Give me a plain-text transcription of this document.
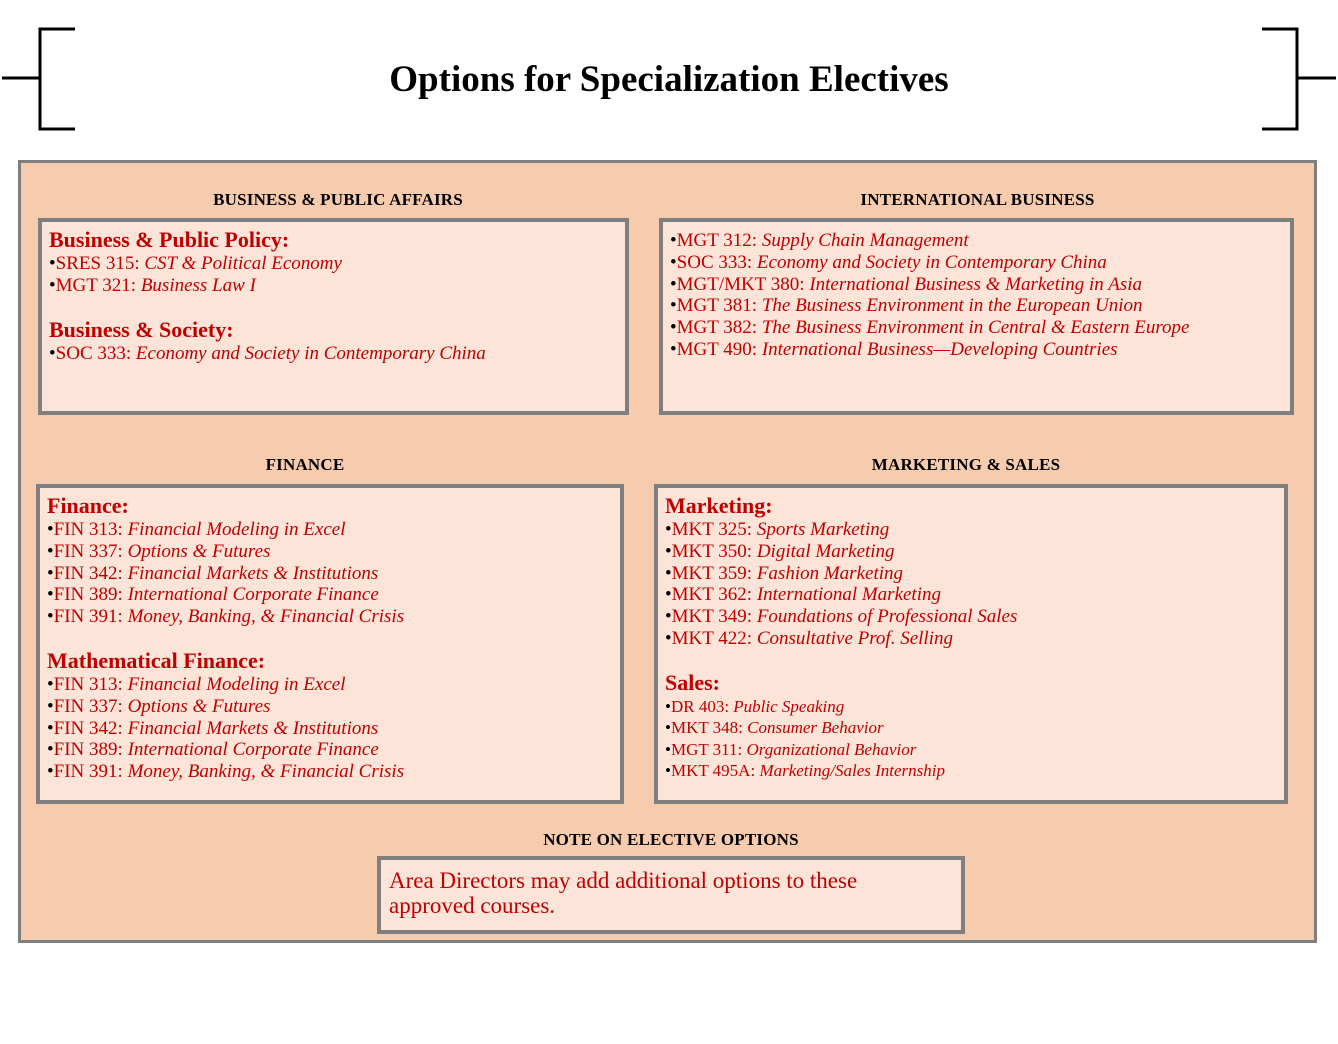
Options for Specialization Electives
BUSINESS & PUBLIC AFFAIRS
Business & Public Policy:
•SRES 315: CST & Political Economy
•MGT 321: Business Law I
Business & Society:
•SOC 333: Economy and Society in Contemporary China
INTERNATIONAL BUSINESS
•MGT 312: Supply Chain Management
•SOC 333: Economy and Society in Contemporary China
•MGT/MKT 380: International Business & Marketing in Asia
•MGT 381: The Business Environment in the European Union
•MGT 382: The Business Environment in Central & Eastern Europe
•MGT 490: International Business—Developing Countries
FINANCE
Finance:
•FIN 313: Financial Modeling in Excel
•FIN 337: Options & Futures
•FIN 342: Financial Markets & Institutions
•FIN 389: International Corporate Finance
•FIN 391: Money, Banking, & Financial Crisis
Mathematical Finance:
•FIN 313: Financial Modeling in Excel
•FIN 337: Options & Futures
•FIN 342: Financial Markets & Institutions
•FIN 389: International Corporate Finance
•FIN 391: Money, Banking, & Financial Crisis
MARKETING & SALES
Marketing:
•MKT 325: Sports Marketing
•MKT 350: Digital Marketing
•MKT 359: Fashion Marketing
•MKT 362: International Marketing
•MKT 349: Foundations of Professional Sales
•MKT 422: Consultative Prof. Selling
Sales:
•DR 403: Public Speaking
•MKT 348: Consumer Behavior
•MGT 311: Organizational Behavior
•MKT 495A: Marketing/Sales Internship
NOTE ON ELECTIVE OPTIONS
Area Directors may add additional options to these
approved courses.
